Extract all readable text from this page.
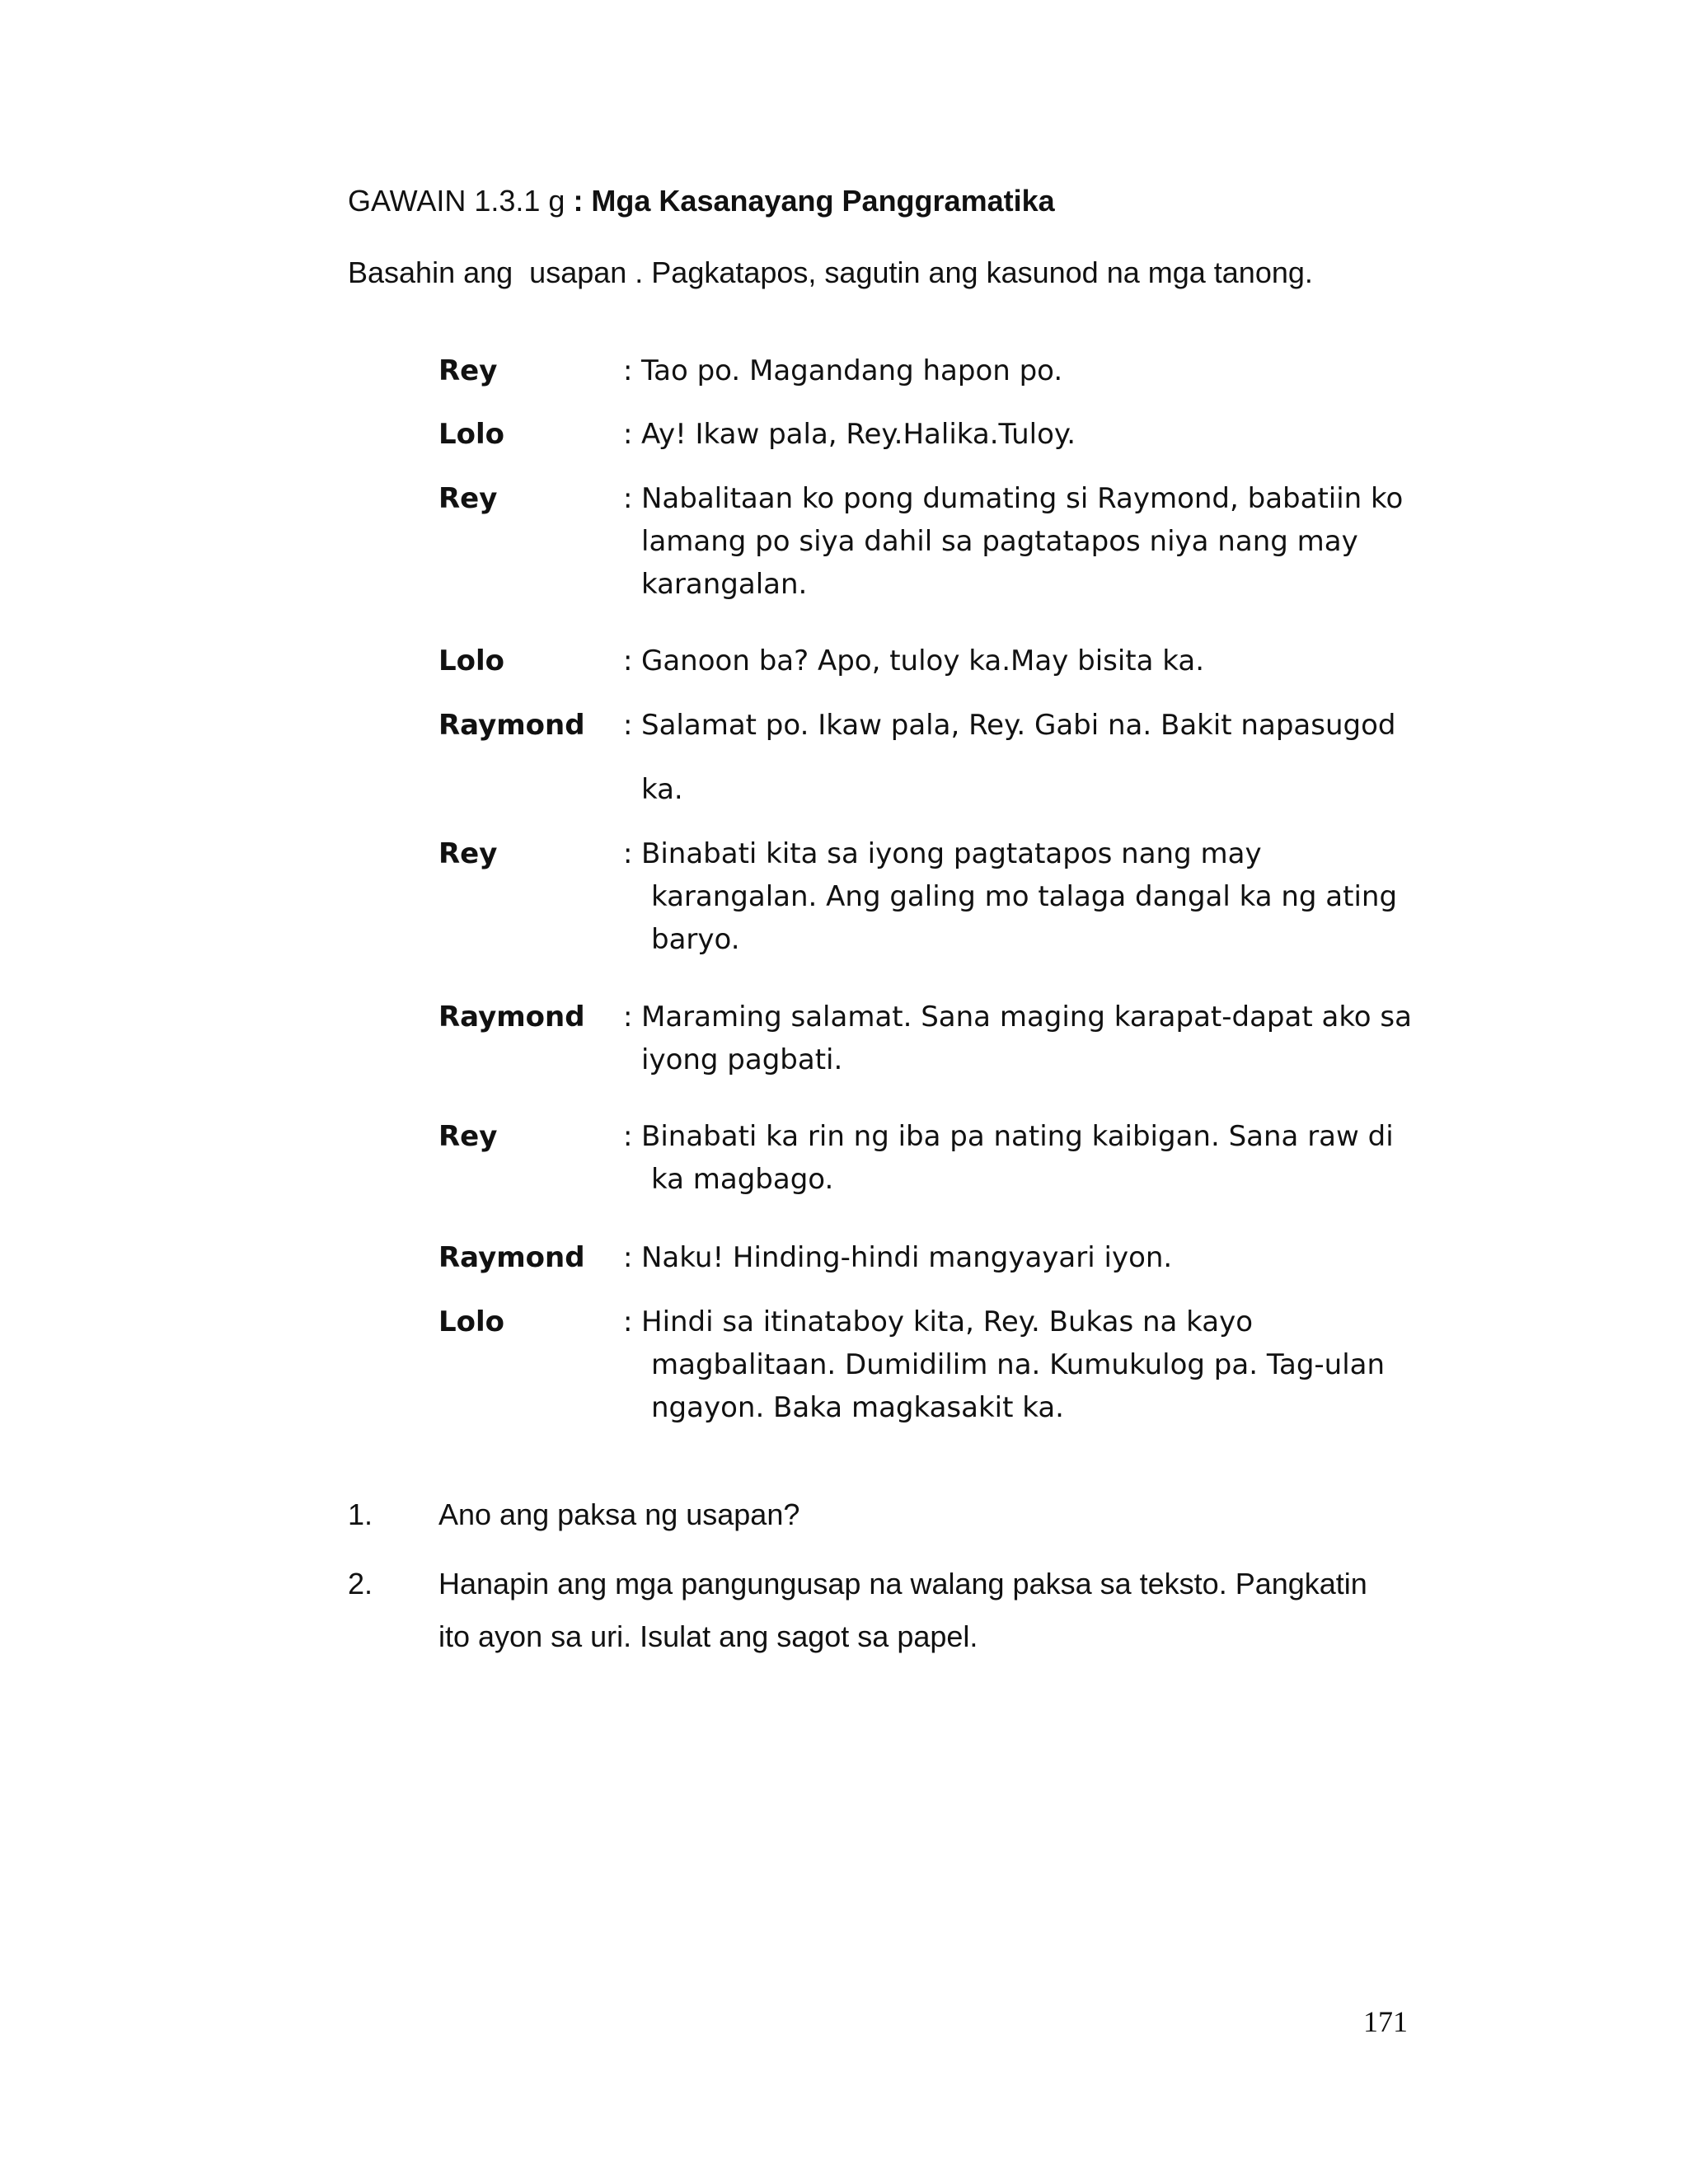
GAWAIN 1.3.1 g : Mga Kasanayang Panggramatika
Basahin ang  usapan . Pagkatapos, sagutin ang kasunod na mga tanong.
Rey	: Tao po. Magandang hapon po.
Lolo	: Ay! Ikaw pala, Rey.Halika.Tuloy.
Rey	: Nabalitaan ko pong dumating si Raymond, babatiin ko
lamang po siya dahil sa pagtatapos niya nang may
karangalan.
Lolo	: Ganoon ba? Apo, tuloy ka.May bisita ka.
Raymond : Salamat po. Ikaw pala, Rey. Gabi na. Bakit napasugod
ka.
Rey	: Binabati kita sa iyong pagtatapos nang may
karangalan. Ang galing mo talaga dangal ka ng ating
baryo.
Raymond : Maraming salamat. Sana maging karapat-dapat ako sa
iyong pagbati.
Rey	: Binabati ka rin ng iba pa nating kaibigan. Sana raw di
ka magbago.
Raymond : Naku! Hinding-hindi mangyayari iyon.
Lolo	: Hindi sa itinataboy kita, Rey. Bukas na kayo
magbalitaan. Dumidilim na. Kumukulog pa. Tag-ulan
ngayon. Baka magkasakit ka.
1. Ano ang paksa ng usapan?
2. Hanapin ang mga pangungusap na walang paksa sa teksto. Pangkatin
ito ayon sa uri. Isulat ang sagot sa papel.
171
